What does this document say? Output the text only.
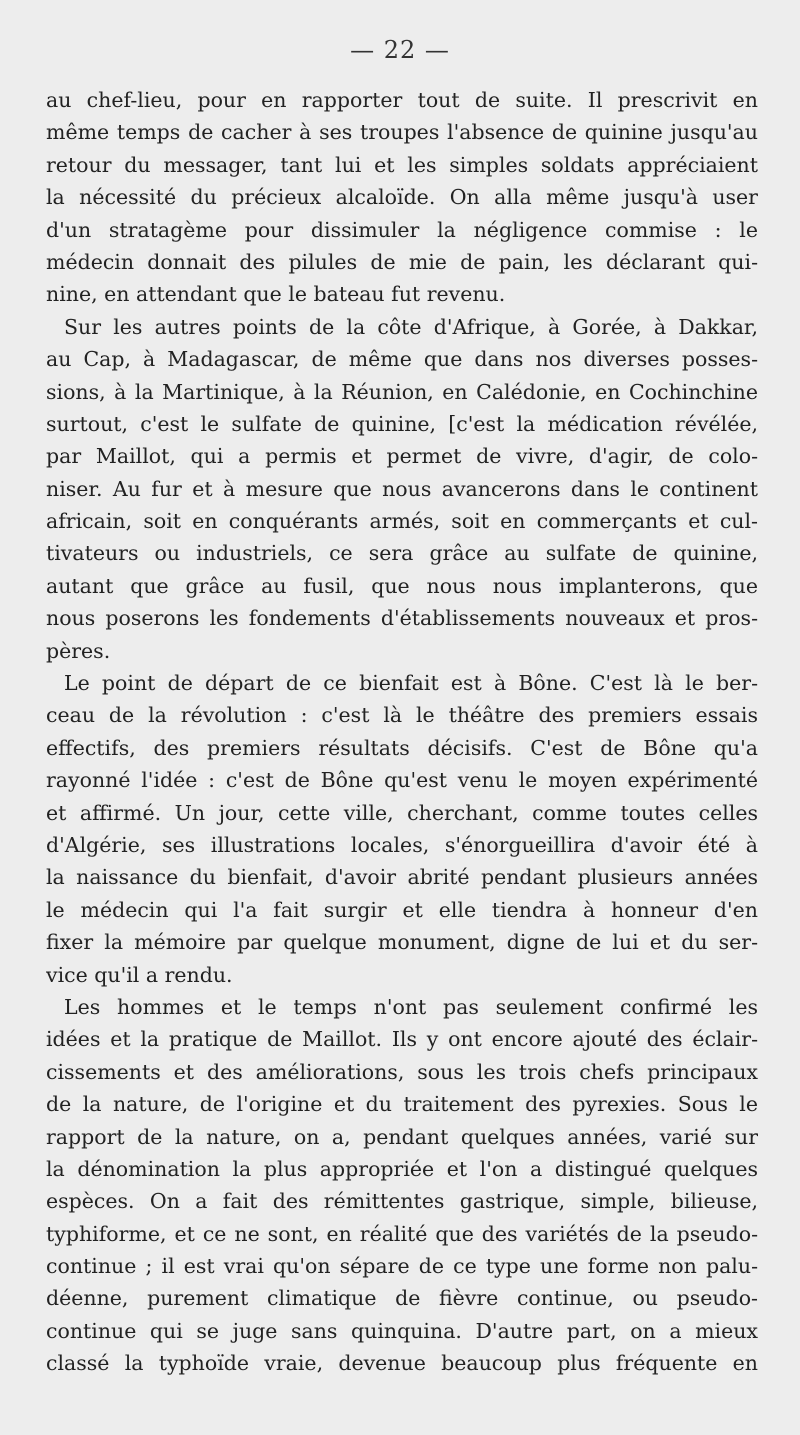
— 22 —
au chef-lieu, pour en rapporter tout de suite. Il prescrivit en
même temps de cacher à ses troupes l'absence de quinine jusqu'au
retour du messager, tant lui et les simples soldats appréciaient
la nécessité du précieux alcaloïde. On alla même jusqu'à user
d'un stratagème pour dissimuler la négligence commise : le
médecin donnait des pilules de mie de pain, les déclarant qui-
nine, en attendant que le bateau fut revenu.
Sur les autres points de la côte d'Afrique, à Gorée, à Dakkar,
au Cap, à Madagascar, de même que dans nos diverses posses-
sions, à la Martinique, à la Réunion, en Calédonie, en Cochinchine
surtout, c'est le sulfate de quinine, [c'est la médication révélée,
par Maillot, qui a permis et permet de vivre, d'agir, de colo-
niser. Au fur et à mesure que nous avancerons dans le continent
africain, soit en conquérants armés, soit en commerçants et cul-
tivateurs ou industriels, ce sera grâce au sulfate de quinine,
autant que grâce au fusil, que nous nous implanterons, que
nous poserons les fondements d'établissements nouveaux et pros-
pères.
Le point de départ de ce bienfait est à Bône. C'est là le ber-
ceau de la révolution : c'est là le théâtre des premiers essais
effectifs, des premiers résultats décisifs. C'est de Bône qu'a
rayonné l'idée : c'est de Bône qu'est venu le moyen expérimenté
et affirmé. Un jour, cette ville, cherchant, comme toutes celles
d'Algérie, ses illustrations locales, s'énorgueillira d'avoir été à
la naissance du bienfait, d'avoir abrité pendant plusieurs années
le médecin qui l'a fait surgir et elle tiendra à honneur d'en
fixer la mémoire par quelque monument, digne de lui et du ser-
vice qu'il a rendu.
Les hommes et le temps n'ont pas seulement confirmé les
idées et la pratique de Maillot. Ils y ont encore ajouté des éclair-
cissements et des améliorations, sous les trois chefs principaux
de la nature, de l'origine et du traitement des pyrexies. Sous le
rapport de la nature, on a, pendant quelques années, varié sur
la dénomination la plus appropriée et l'on a distingué quelques
espèces. On a fait des rémittentes gastrique, simple, bilieuse,
typhiforme, et ce ne sont, en réalité que des variétés de la pseudo-
continue ; il est vrai qu'on sépare de ce type une forme non palu-
déenne, purement climatique de fièvre continue, ou pseudo-
continue qui se juge sans quinquina. D'autre part, on a mieux
classé la typhoïde vraie, devenue beaucoup plus fréquente en
